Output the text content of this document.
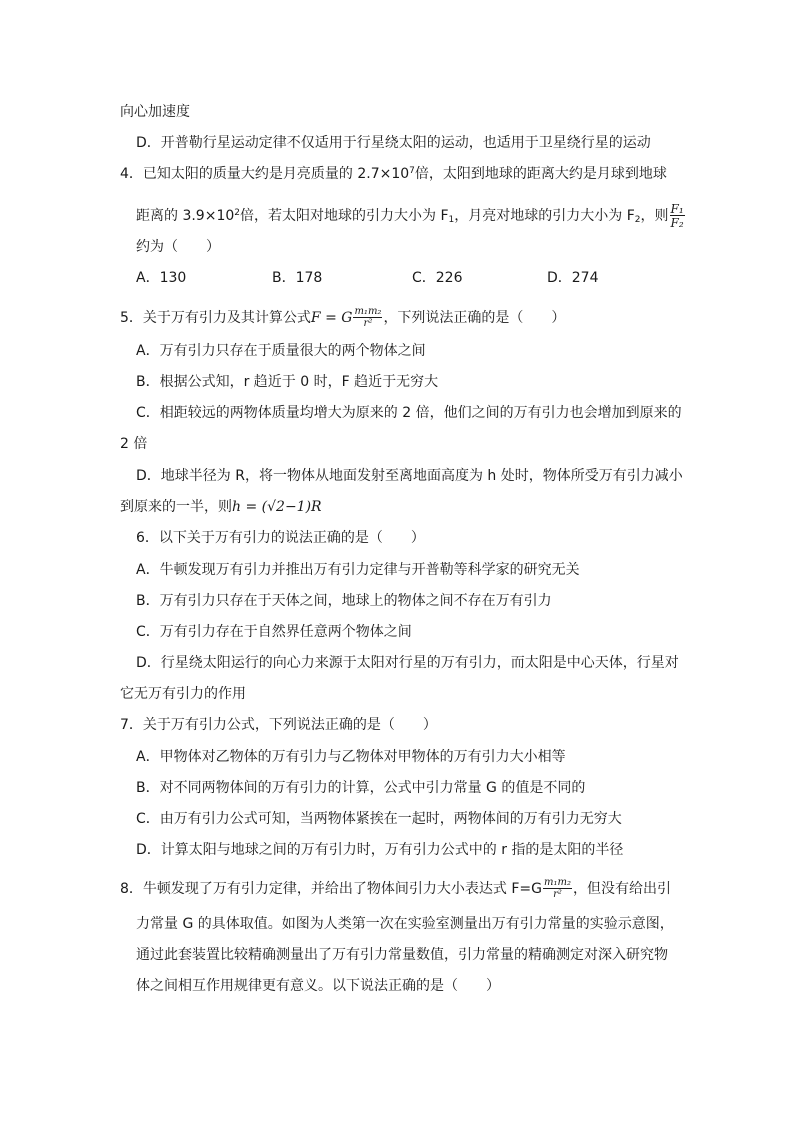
向心加速度
D．开普勒行星运动定律不仅适用于行星绕太阳的运动，也适用于卫星绕行星的运动
4．已知太阳的质量大约是月亮质量的 $2.7\times 10^7$倍，太阳到地球的距离大约是月球到地球
距离的 $3.9\times 10^2$倍，若太阳对地球的引力大小为 $F_1$，月亮对地球的引力大小为 $F_2$，则 $\frac{\text{F₁}}{\text{F₂}}$
约为（　　）
A．130	B．178	C．226	D．274
5．关于万有引力及其计算公式F = G $\frac{\text{m₁m₂}}{\text{r²}}$ ，下列说法正确的是（　　）
A．万有引力只存在于质量很大的两个物体之间
B．根据公式知，r 趋近于 0 时，F 趋近于无穷大
C．相距较远的两物体质量均增大为原来的 2 倍，他们之间的万有引力也会增加到原来的
2 倍
D．地球半径为 R，将一物体从地面发射至离地面高度为 h 处时，物体所受万有引力减小
到原来的一半，则h = (√2−1)R
6．以下关于万有引力的说法正确的是（　　）
A．牛顿发现万有引力并推出万有引力定律与开普勒等科学家的研究无关
B．万有引力只存在于天体之间，地球上的物体之间不存在万有引力
C．万有引力存在于自然界任意两个物体之间
D．行星绕太阳运行的向心力来源于太阳对行星的万有引力，而太阳是中心天体，行星对
它无万有引力的作用
7．关于万有引力公式，下列说法正确的是（　　）
A．甲物体对乙物体的万有引力与乙物体对甲物体的万有引力大小相等
B．对不同两物体间的万有引力的计算，公式中引力常量 G 的值是不同的
C．由万有引力公式可知，当两物体紧挨在一起时，两物体间的万有引力无穷大
D．计算太阳与地球之间的万有引力时，万有引力公式中的 r 指的是太阳的半径
8．牛顿发现了万有引力定律，并给出了物体间引力大小表达式 $F=G \frac{\text{m₁m₂}}{\text{r²}}$ ，但没有给出引
力常量 G 的具体取值。如图为人类第一次在实验室测量出万有引力常量的实验示意图，
通过此套装置比较精确测量出了万有引力常量数值，引力常量的精确测定对深入研究物
体之间相互作用规律更有意义。以下说法正确的是（　　）
